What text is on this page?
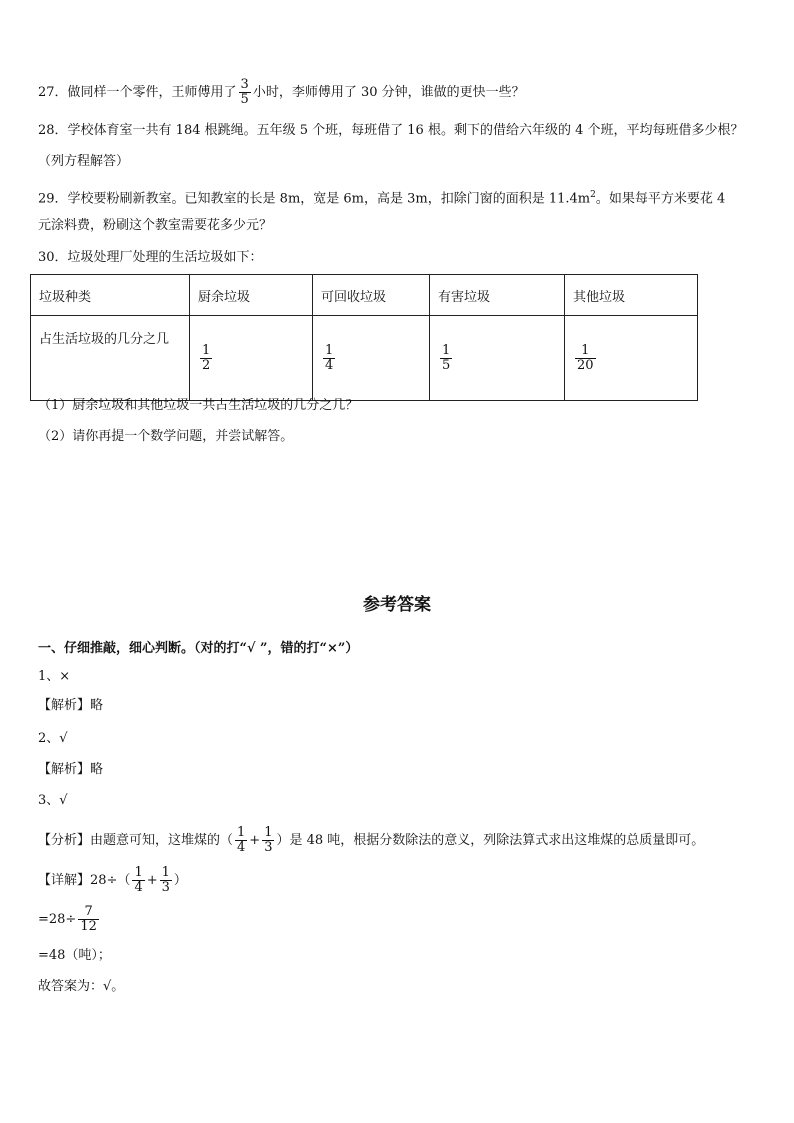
27．做同样一个零件，王师傅用了 $\frac{3}{5}$ 小时，李师傅用了 30 分钟，谁做的更快一些？
28．学校体育室一共有 184 根跳绳。五年级 5 个班，每班借了 16 根。剩下的借给六年级的 4 个班，平均每班借多少根？
（列方程解答）
29．学校要粉刷新教室。已知教室的长是 8m，宽是 6m，高是 3m，扣除门窗的面积是 $11.4m^2$。如果每平方米要花 4
元涂料费，粉刷这个教室需要花多少元？
30．垃圾处理厂处理的生活垃圾如下：
垃圾种类	厨余垃圾	可回收垃圾	有害垃圾	其他垃圾
占生活垃圾的几分之几	$\frac{1}{2}$	$\frac{1}{4}$	$\frac{1}{5}$	$\frac{1}{20}$
（1）厨余垃圾和其他垃圾一共占生活垃圾的几分之几？
（2）请你再提一个数学问题，并尝试解答。
参考答案
一、仔细推敲，细心判断。（对的打“√ ”，错的打“×”）
1、×
【解析】略
2、√
【解析】略
3、√
【分析】由题意可知，这堆煤的（ $\frac{1}{4} + \frac{1}{3}$ ）是 48 吨，根据分数除法的意义，列除法算式求出这堆煤的总质量即可。
【详解】$28\div( \frac{1}{4} + \frac{1}{3}$ ）
$=28\div \frac{7}{12}$
=48（吨）；
故答案为：√。
